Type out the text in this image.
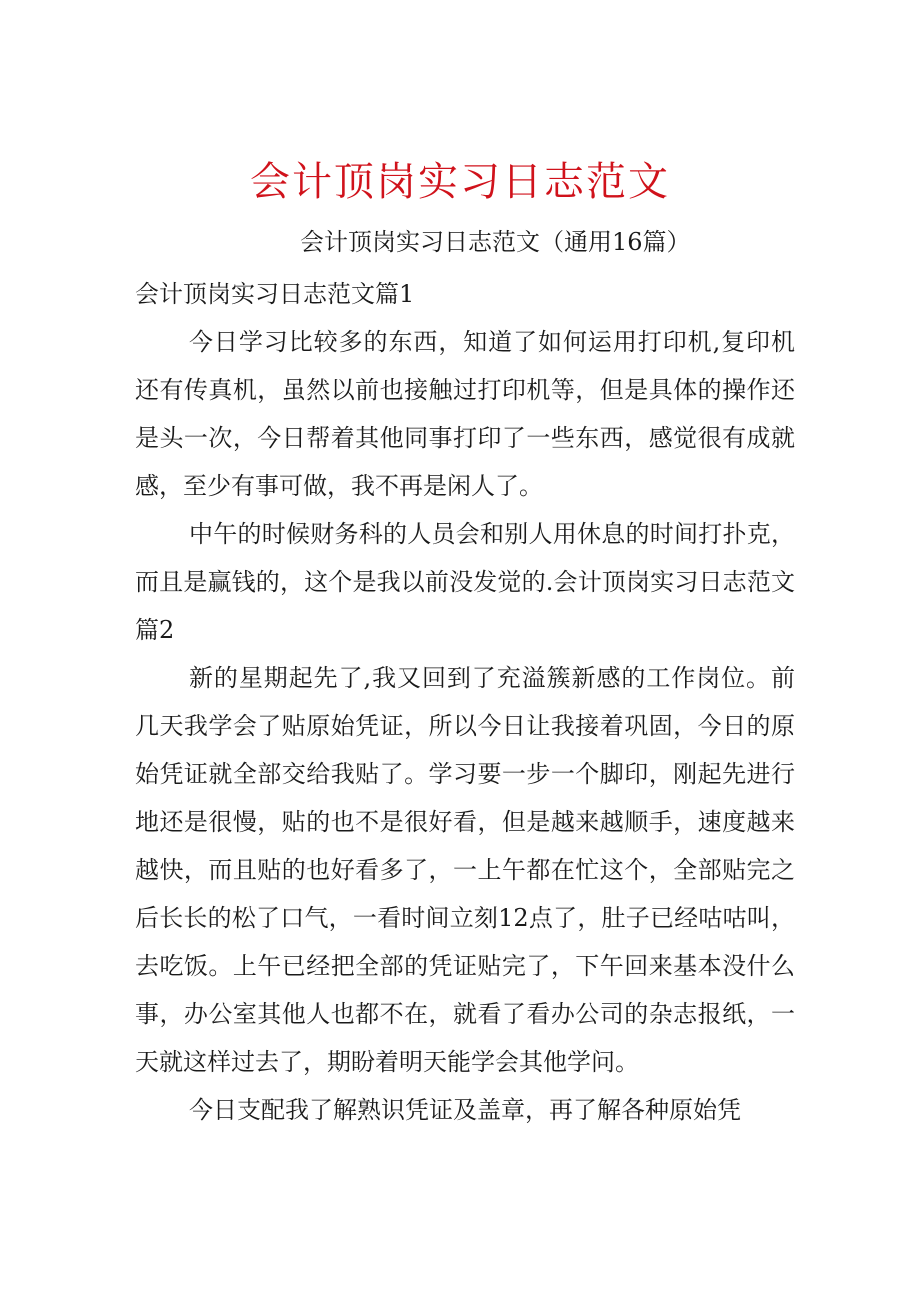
会计顶岗实习日志范文
会计顶岗实习日志范文（通用16篇）

会计顶岗实习日志范文篇1

今日学习比较多的东西，知道了如何运用打印机,复印机还有传真机，虽然以前也接触过打印机等，但是具体的操作还是头一次，今日帮着其他同事打印了一些东西，感觉很有成就感，至少有事可做，我不再是闲人了。

中午的时候财务科的人员会和别人用休息的时间打扑克，而且是赢钱的，这个是我以前没发觉的.会计顶岗实习日志范文篇2

新的星期起先了,我又回到了充溢簇新感的工作岗位。前几天我学会了贴原始凭证，所以今日让我接着巩固，今日的原始凭证就全部交给我贴了。学习要一步一个脚印，刚起先进行地还是很慢，贴的也不是很好看，但是越来越顺手，速度越来越快，而且贴的也好看多了，一上午都在忙这个，全部贴完之后长长的松了口气，一看时间立刻12点了，肚子已经咕咕叫，去吃饭。上午已经把全部的凭证贴完了，下午回来基本没什么事，办公室其他人也都不在，就看了看办公司的杂志报纸，一天就这样过去了，期盼着明天能学会其他学问。

今日支配我了解熟识凭证及盖章，再了解各种原始凭
